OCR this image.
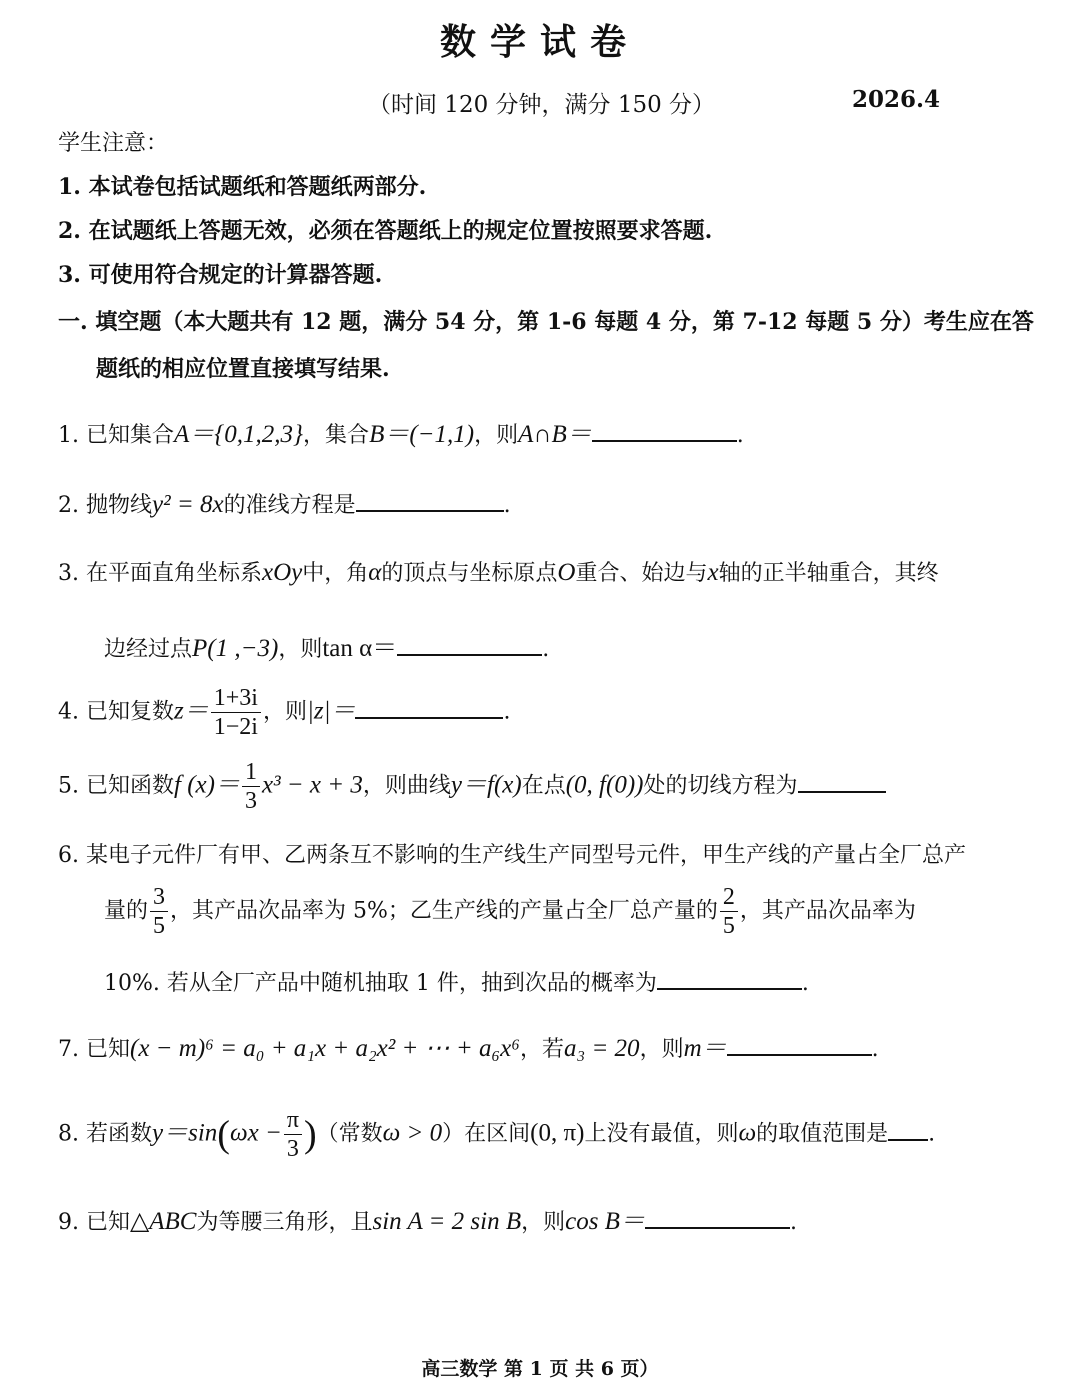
数学试卷
（时间 120 分钟，满分 150 分）	2026.4
学生注意：
1. 本试卷包括试题纸和答题纸两部分.
2. 在试题纸上答题无效，必须在答题纸上的规定位置按照要求答题.
3. 可使用符合规定的计算器答题.
一. 填空题（本大题共有 12 题，满分 54 分，第 1-6 每题 4 分，第 7-12 每题 5 分）考生应在答
题纸的相应位置直接填写结果.
1. 已知集合A＝{0,1,2,3}，集合B＝(−1,1)，则A∩B＝	.
2. 抛物线y² = 8x的准线方程是	.
3. 在平面直角坐标系xOy中，角α的顶点与坐标原点O重合、始边与x轴的正半轴重合，其终
边经过点P(1 ,−3)，则tan α＝	.
4. 已知复数$z= \frac{1+3i}{1-2i}$ ，则|z|＝	.
5. 已知函数f $(x)= \frac{1}{3} x^3 - x + 3$，则曲线y＝f(x)在点(0, f(0))处的切线方程为
6. 某电子元件厂有甲、乙两条互不影响的生产线生产同型号元件，甲生产线的产量占全厂总产
量的 $\frac{3}{5}$ ，其产品次品率为 5%；乙生产线的产量占全厂总产量的 $\frac{2}{5}$ ，其产品次品率为
10%. 若从全厂产品中随机抽取 1 件，抽到次品的概率为	.
7. 已知(x − m)⁶ = a₀ + a₁x + a₂x² + ⋯ + a₆x⁶，若a₃ = 20，则m＝	.
8. 若函数$y=\sin(\omega x - \frac{\pi}{3}$ )（常数ω > 0）在区间(0, π)上没有最值，则ω的取值范围是 .
9. 已知△ABC为等腰三角形，且sin A = 2 sin B，则cos B＝	.
高三数学 第 1 页 共 6 页）
